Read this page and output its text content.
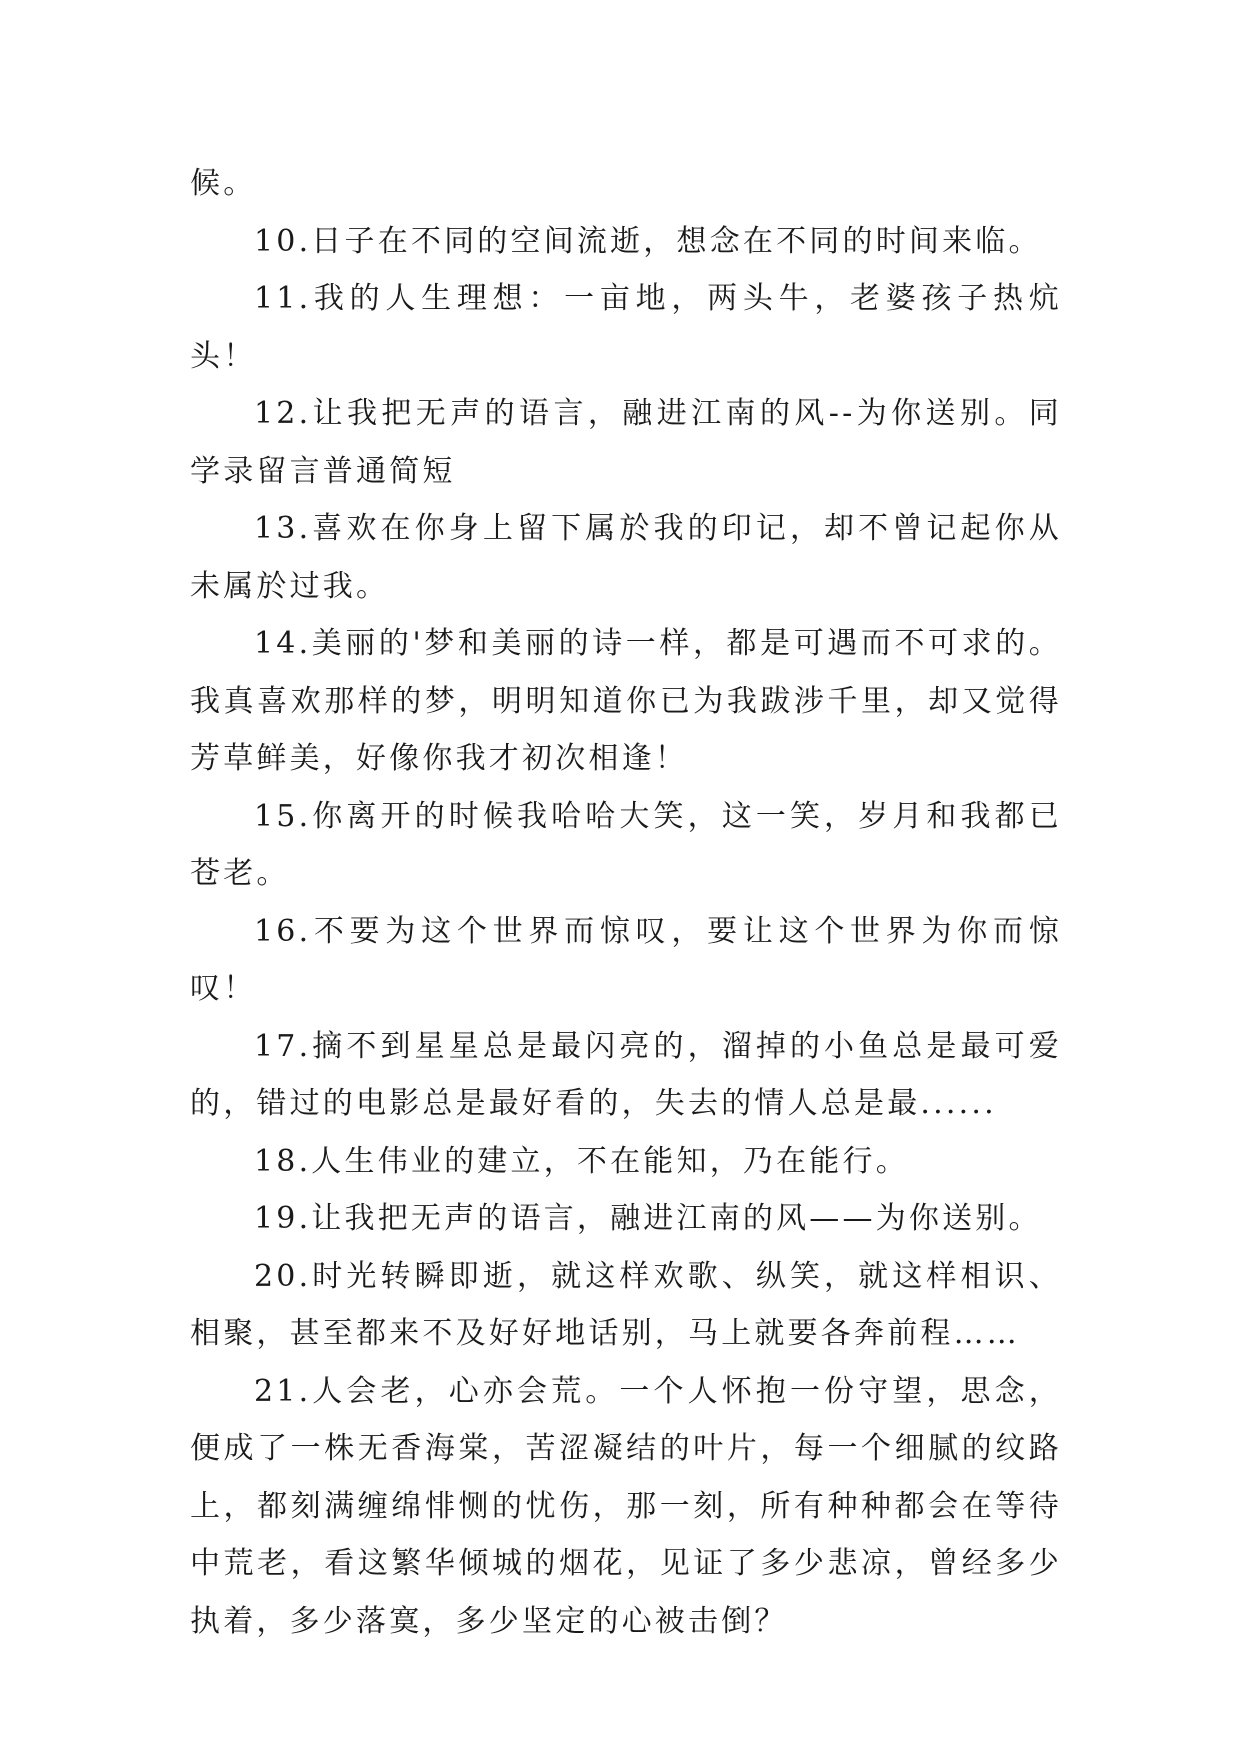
候。

10.日子在不同的空间流逝，想念在不同的时间来临。

11.我的人生理想：一亩地，两头牛，老婆孩子热炕头！

12.让我把无声的语言，融进江南的风--为你送别。同学录留言普通简短

13.喜欢在你身上留下属於我的印记，却不曾记起你从未属於过我。

14.美丽的'梦和美丽的诗一样，都是可遇而不可求的。我真喜欢那样的梦，明明知道你已为我跋涉千里，却又觉得芳草鲜美，好像你我才初次相逢！

15.你离开的时候我哈哈大笑，这一笑，岁月和我都已苍老。

16.不要为这个世界而惊叹，要让这个世界为你而惊叹！

17.摘不到星星总是最闪亮的，溜掉的小鱼总是最可爱的，错过的电影总是最好看的，失去的情人总是最......

18.人生伟业的建立，不在能知，乃在能行。

19.让我把无声的语言，融进江南的风——为你送别。

20.时光转瞬即逝，就这样欢歌、纵笑，就这样相识、相聚，甚至都来不及好好地话别，马上就要各奔前程……

21.人会老，心亦会荒。一个人怀抱一份守望，思念，便成了一株无香海棠，苦涩凝结的叶片，每一个细腻的纹路上，都刻满缠绵悱恻的忧伤，那一刻，所有种种都会在等待中荒老，看这繁华倾城的烟花，见证了多少悲凉，曾经多少执着，多少落寞，多少坚定的心被击倒？
